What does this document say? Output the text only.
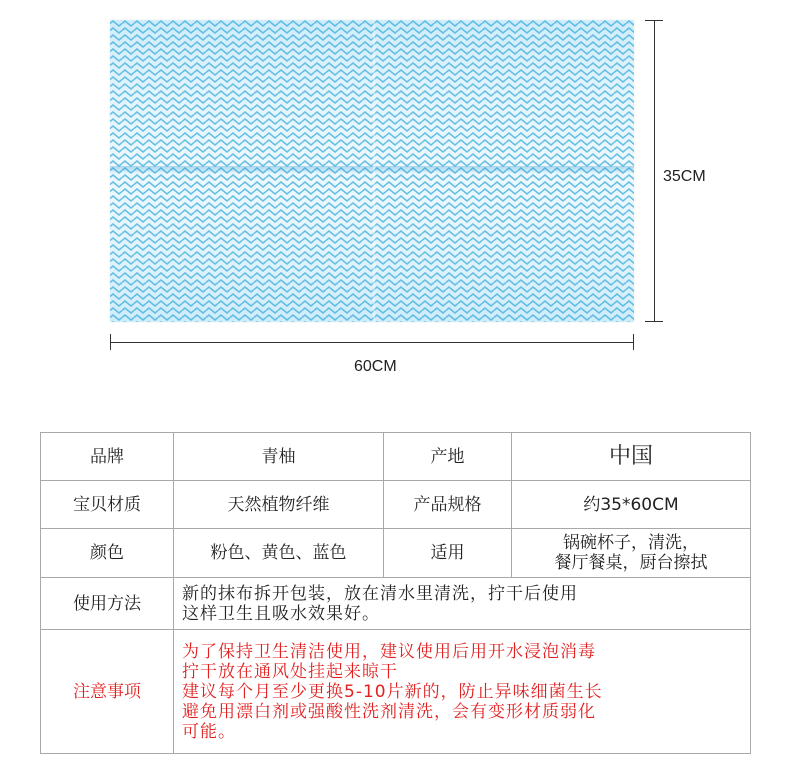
35CM
60CM
品牌	青柚	产地	中国
宝贝材质	天然植物纤维	产品规格	约35*60CM
颜色	粉色、黄色、蓝色	适用	锅碗杯子，清洗，
餐厅餐桌，厨台擦拭

使用方法	新的抹布拆开包装，放在清水里清洗，拧干后使用
这样卫生且吸水效果好。		

注意事项	为了保持卫生清洁使用，建议使用后用开水浸泡消毒
拧干放在通风处挂起来晾干
建议每个月至少更换5-10片新的，防止异味细菌生长
避免用漂白剂或强酸性洗剂清洗，会有变形材质弱化
可能。		
